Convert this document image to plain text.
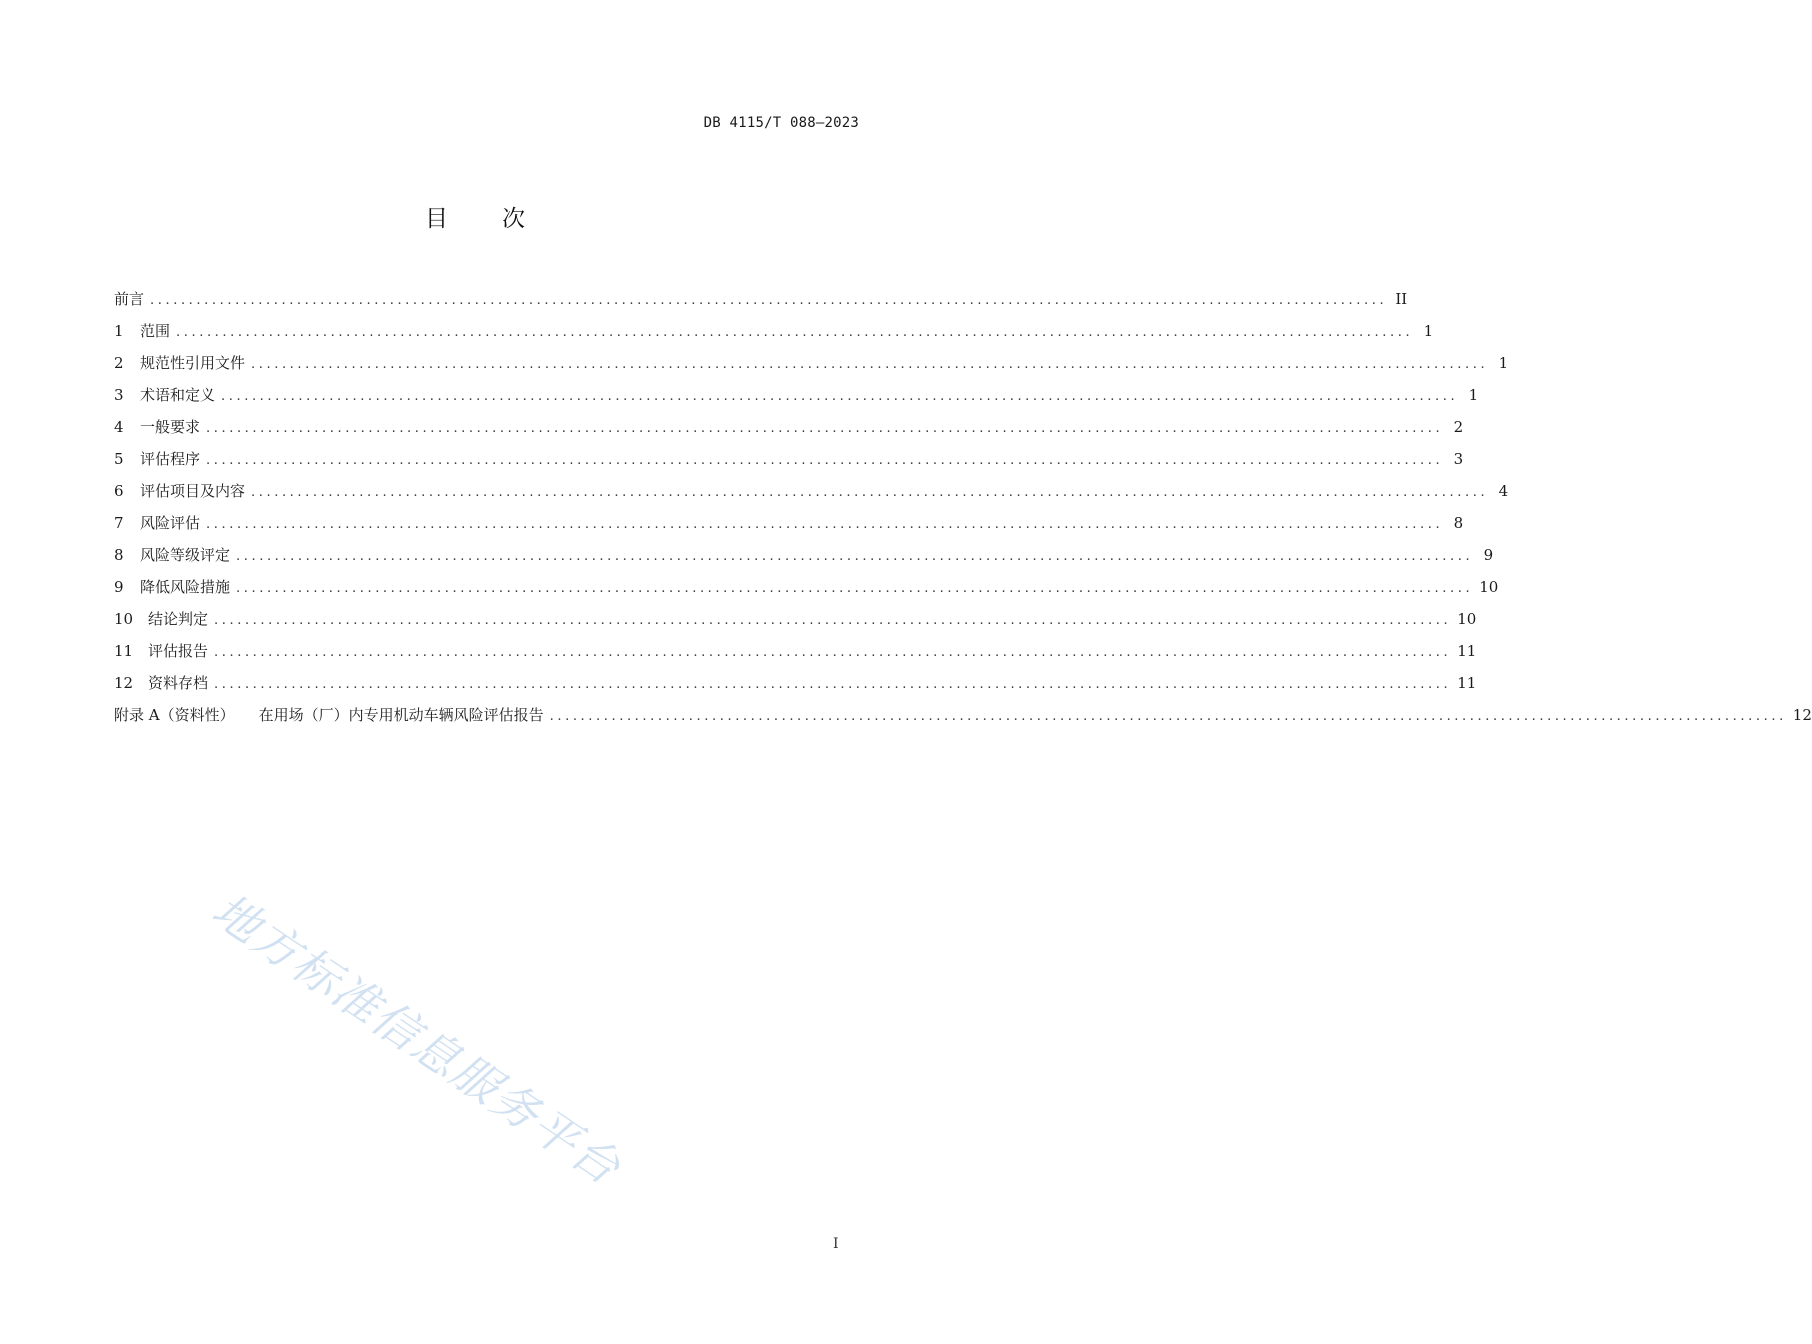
DB 4115/T 088—2023
目 次
前言 ................................................................................................................................................................ II
1	范围 ................................................................................................................................................................ 1
2	规范性引用文件 ................................................................................................................................................................ 1
3	术语和定义 ................................................................................................................................................................ 1
4	一般要求 ................................................................................................................................................................ 2
5	评估程序 ................................................................................................................................................................ 3
6	评估项目及内容 ................................................................................................................................................................ 4
7	风险评估 ................................................................................................................................................................ 8
8	风险等级评定 ................................................................................................................................................................ 9
9	降低风险措施 ................................................................................................................................................................ 10
10 结论判定 ................................................................................................................................................................ 10
11 评估报告 ................................................................................................................................................................ 11
12 资料存档 ................................................................................................................................................................ 11
附录 A（资料性） 在用场（厂）内专用机动车辆风险评估报告 ................................................................................................................................................................ 12
地方标准信息服务平台
I
